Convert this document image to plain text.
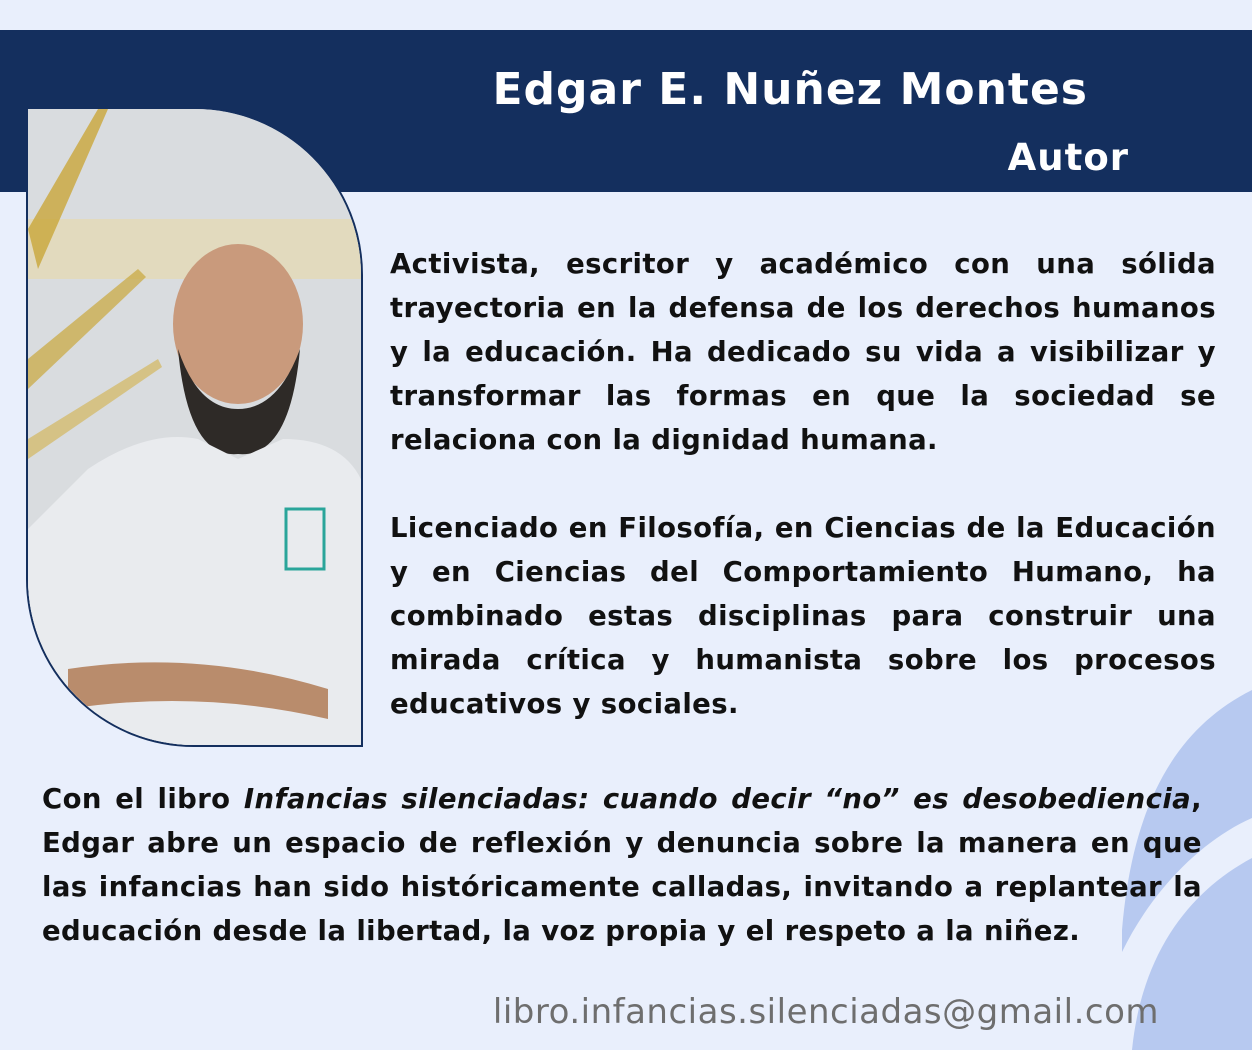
Edgar E. Nuñez Montes
Autor

Activista, escritor y académico con una sólida trayectoria en la defensa de los derechos humanos y la educación. Ha dedicado su vida a visibilizar y transformar las formas en que la sociedad se relaciona con la dignidad humana.

Licenciado en Filosofía, en Ciencias de la Educación y en Ciencias del Comportamiento Humano, ha combinado estas disciplinas para construir una mirada crítica y humanista sobre los procesos educativos y sociales.

Con el libro Infancias silenciadas: cuando decir “no” es desobediencia, Edgar abre un espacio de reflexión y denuncia sobre la manera en que las infancias han sido históricamente calladas, invitando a replantear la educación desde la libertad, la voz propia y el respeto a la niñez.

libro.infancias.silenciadas@gmail.com
